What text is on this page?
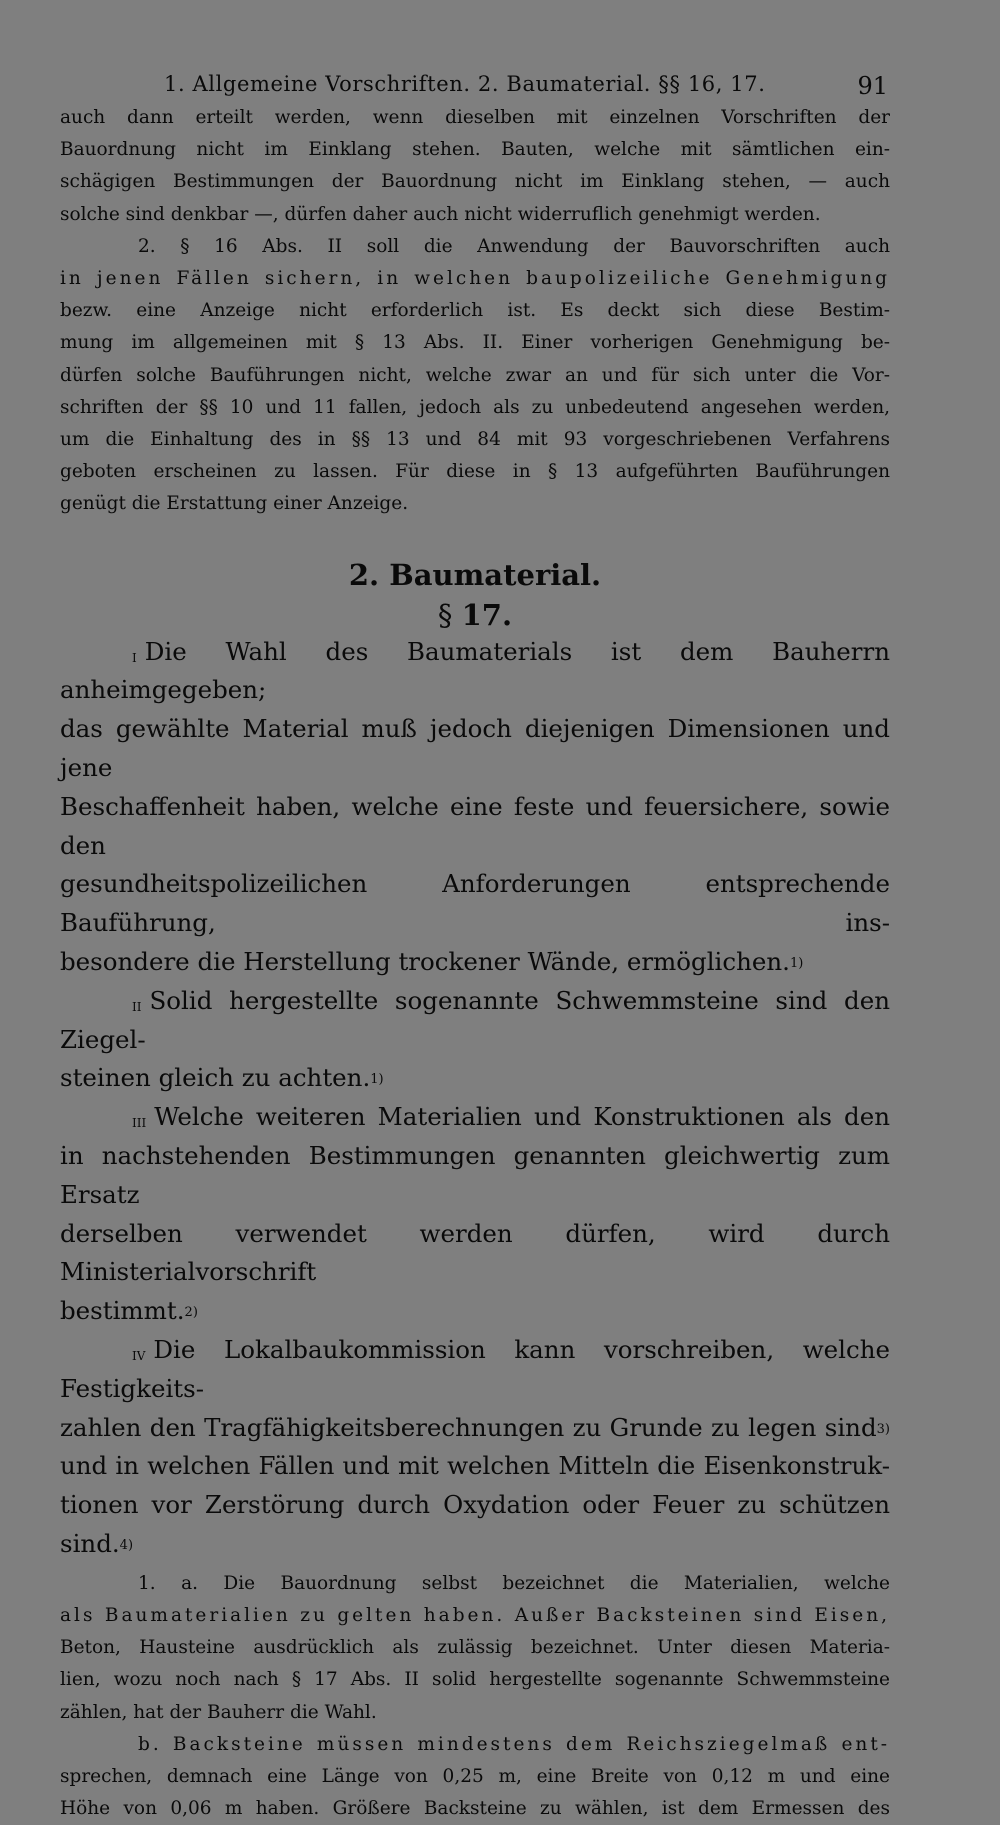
1. Allgemeine Vorschriften. 2. Baumaterial. §§ 16, 17.	91

auch dann erteilt werden, wenn dieselben mit einzelnen Vorschriften der

Bauordnung nicht im Einklang stehen. Bauten, welche mit sämtlichen ein-

schägigen Bestimmungen der Bauordnung nicht im Einklang stehen, — auch

solche sind denkbar —, dürfen daher auch nicht widerruflich genehmigt werden.

2. § 16 Abs. II soll die Anwendung der Bauvorschriften auch

in jenen Fällen sichern, in welchen baupolizeiliche Genehmigung

bezw. eine Anzeige nicht erforderlich ist. Es deckt sich diese Bestim-

mung im allgemeinen mit § 13 Abs. II. Einer vorherigen Genehmigung be-

dürfen solche Bauführungen nicht, welche zwar an und für sich unter die Vor-

schriften der §§ 10 und 11 fallen, jedoch als zu unbedeutend angesehen werden,

um die Einhaltung des in §§ 13 und 84 mit 93 vorgeschriebenen Verfahrens

geboten erscheinen zu lassen. Für diese in § 13 aufgeführten Bauführungen

genügt die Erstattung einer Anzeige.

2. Baumaterial.
§ 17.

$^I$ Die Wahl des Baumaterials ist dem Bauherrn anheimgegeben;

das gewählte Material muß jedoch diejenigen Dimensionen und jene

Beschaffenheit haben, welche eine feste und feuersichere, sowie den

gesundheitspolizeilichen Anforderungen entsprechende Bauführung, ins-

besondere die Herstellung trockener Wände, ermöglichen.$^{1)}$

$^{II}$ Solid hergestellte sogenannte Schwemmsteine sind den Ziegel-

steinen gleich zu achten.$^{1)}$

$^{III}$ Welche weiteren Materialien und Konstruktionen als den

in nachstehenden Bestimmungen genannten gleichwertig zum Ersatz

derselben verwendet werden dürfen, wird durch Ministerialvorschrift

bestimmt.$^{2)}$

$^{IV}$ Die Lokalbaukommission kann vorschreiben, welche Festigkeits-

zahlen den Tragfähigkeitsberechnungen zu Grunde zu legen sind$^{3)}$

und in welchen Fällen und mit welchen Mitteln die Eisenkonstruk-

tionen vor Zerstörung durch Oxydation oder Feuer zu schützen sind.$^{4)}$

1. a. Die Bauordnung selbst bezeichnet die Materialien, welche

als Baumaterialien zu gelten haben. Außer Backsteinen sind Eisen,

Beton, Hausteine ausdrücklich als zulässig bezeichnet. Unter diesen Materia-

lien, wozu noch nach § 17 Abs. II solid hergestellte sogenannte Schwemmsteine

zählen, hat der Bauherr die Wahl.

b. Backsteine müssen mindestens dem Reichsziegelmaß ent-

sprechen, demnach eine Länge von 0,25 m, eine Breite von 0,12 m und eine

Höhe von 0,06 m haben. Größere Backsteine zu wählen, ist dem Ermessen des
